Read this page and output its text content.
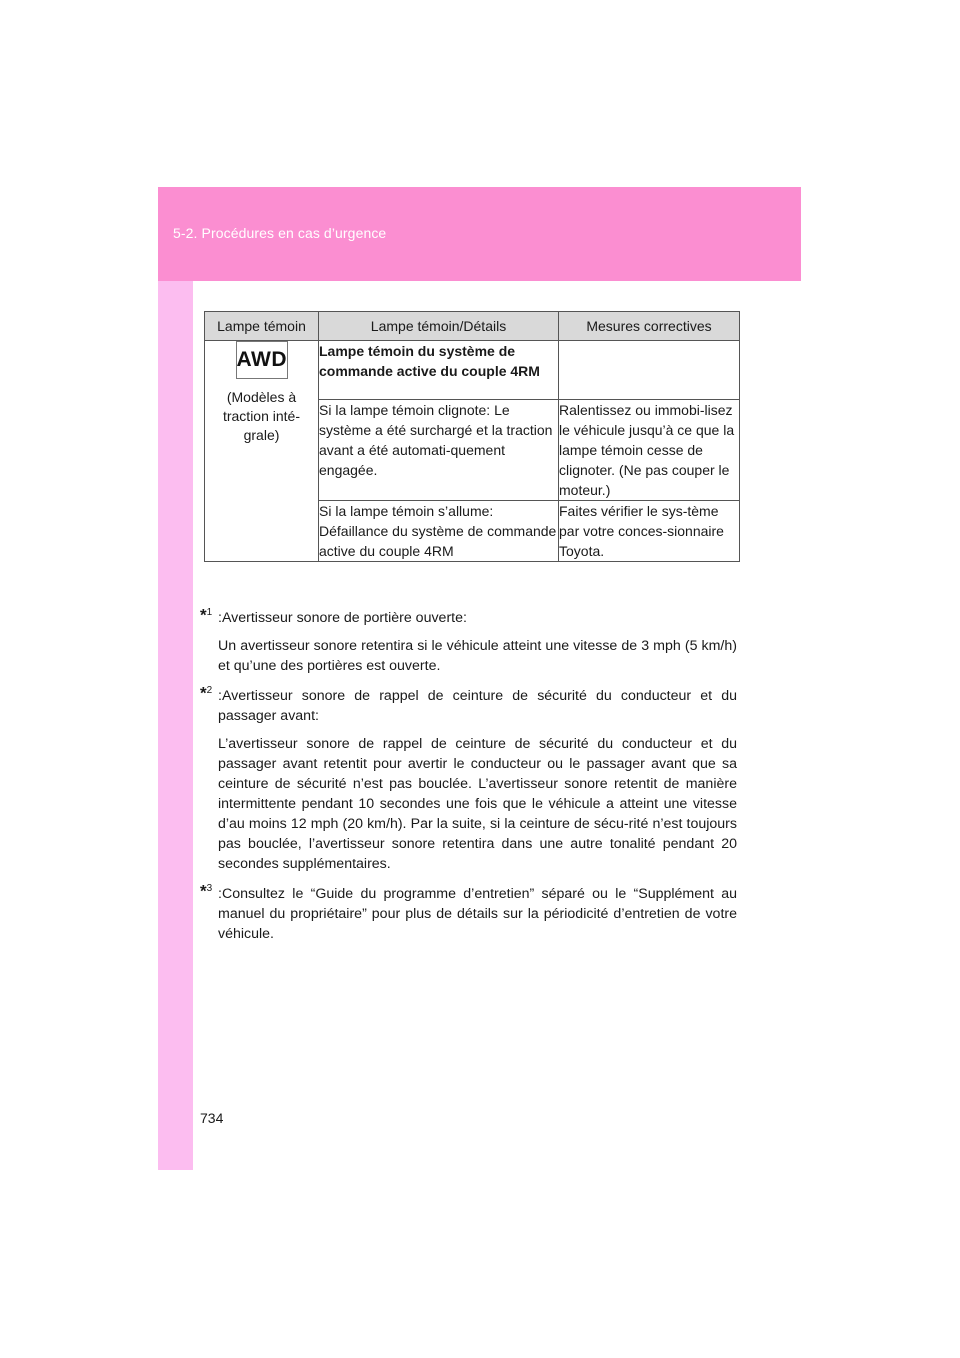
5-2. Procédures en cas d’urgence
Lampe témoin	Lampe témoin/Détails	Mesures correctives

AWD
(Modèles à traction inté-grale)	Lampe témoin du système de commande active du couple 4RM	
	Si la lampe témoin clignote: Le système a été surchargé et la traction avant a été automati-quement engagée.	Ralentissez ou immobi-lisez le véhicule jusqu’à ce que la lampe témoin cesse de clignoter. (Ne pas couper le moteur.)
	Si la lampe témoin s’allume: Défaillance du système de commande active du couple 4RM	Faites vérifier le sys-tème par votre conces-sionnaire Toyota.
*$^1$ :Avertisseur sonore de portière ouverte:
Un avertisseur sonore retentira si le véhicule atteint une vitesse de 3 mph (5 km/h) et qu’une des portières est ouverte.
*$^2$ :Avertisseur sonore de rappel de ceinture de sécurité du conducteur et du passager avant:
L’avertisseur sonore de rappel de ceinture de sécurité du conducteur et du passager avant retentit pour avertir le conducteur ou le passager avant que sa ceinture de sécurité n’est pas bouclée. L’avertisseur sonore retentit de manière intermittente pendant 10 secondes une fois que le véhicule a atteint une vitesse d’au moins 12 mph (20 km/h). Par la suite, si la ceinture de sécu-rité n’est toujours pas bouclée, l’avertisseur sonore retentira dans une autre tonalité pendant 20 secondes supplémentaires.
*$^3$ :Consultez le “Guide du programme d’entretien” séparé ou le “Supplément au manuel du propriétaire” pour plus de détails sur la périodicité d’entretien de votre véhicule.
734
